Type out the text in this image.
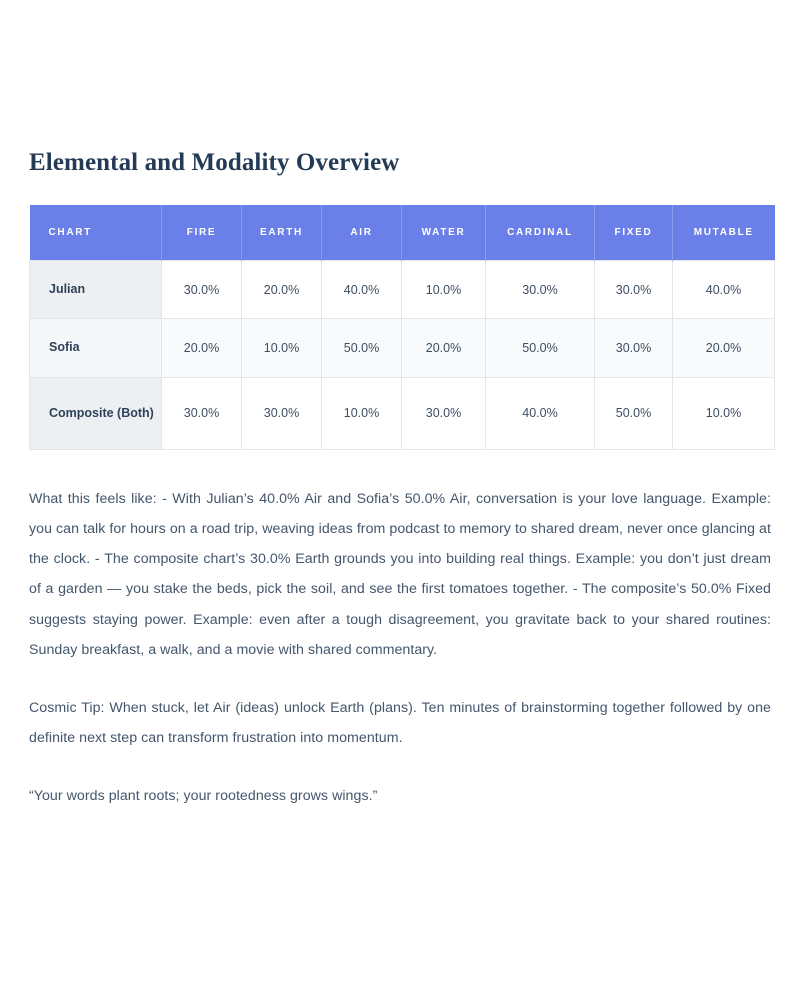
Elemental and Modality Overview
CHART	FIRE	EARTH	AIR	WATER	CARDINAL	FIXED	MUTABLE
Julian	30.0%	20.0%	40.0%	10.0%	30.0%	30.0%	40.0%
Sofia	20.0%	10.0%	50.0%	20.0%	50.0%	30.0%	20.0%
Composite (Both)	30.0%	30.0%	10.0%	30.0%	40.0%	50.0%	10.0%

What this feels like: - With Julian’s 40.0% Air and Sofia’s 50.0% Air, conversation is your love language. Example: you can talk for hours on a road trip, weaving ideas from podcast to memory to shared dream, never once glancing at the clock. - The composite chart’s 30.0% Earth grounds you into building real things. Example: you don’t just dream of a garden — you stake the beds, pick the soil, and see the first tomatoes together. - The composite’s 50.0% Fixed suggests staying power. Example: even after a tough disagreement, you gravitate back to your shared routines: Sunday breakfast, a walk, and a movie with shared commentary.

Cosmic Tip: When stuck, let Air (ideas) unlock Earth (plans). Ten minutes of brainstorming together followed by one definite next step can transform frustration into momentum.

“Your words plant roots; your rootedness grows wings.”
